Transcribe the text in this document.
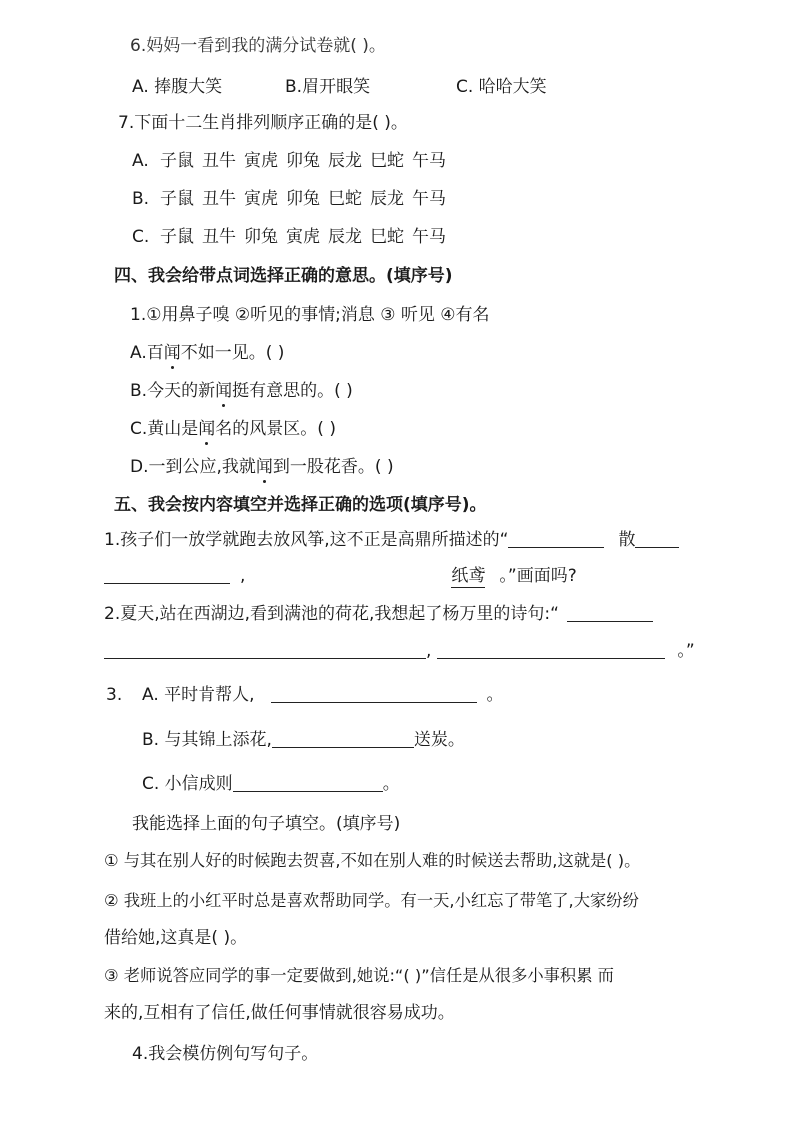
6.妈妈一看到我的满分试卷就( )。
A. 捧腹大笑	B.眉开眼笑	C. 哈哈大笑
7.下面十二生肖排列顺序正确的是( )。
A. 子鼠 丑牛 寅虎 卯兔 辰龙 巳蛇 午马
B. 子鼠 丑牛 寅虎 卯兔 巳蛇 辰龙 午马
C. 子鼠 丑牛 卯兔 寅虎 辰龙 巳蛇 午马
四、我会给带点词选择正确的意思。(填序号)
1.①用鼻子嗅 ②听见的事情;消息 ③ 听见 ④有名
A.百闻不如一见。( )
B.今天的新闻挺有意思的。( )
C.黄山是闻名的风景区。( )
D.一到公应,我就闻到一股花香。( )
五、我会按内容填空并选择正确的选项(填序号)。
1.孩子们一放学就跑去放风筝,这不正是高鼎所描述的“	散
,	纸鸢 。”画面吗?
2.夏天,站在西湖边,看到满池的荷花,我想起了杨万里的诗句:“
,	。”
3. A. 平时肯帮人,	。
B. 与其锦上添花,	送炭。
C. 小信成则	。
我能选择上面的句子填空。(填序号)
① 与其在别人好的时候跑去贺喜,不如在别人难的时候送去帮助,这就是( )。
② 我班上的小红平时总是喜欢帮助同学。有一天,小红忘了带笔了,大家纷纷
借给她,这真是( )。
③ 老师说答应同学的事一定要做到,她说:“( )”信任是从很多小事积累 而
来的,互相有了信任,做任何事情就很容易成功。
4.我会模仿例句写句子。
